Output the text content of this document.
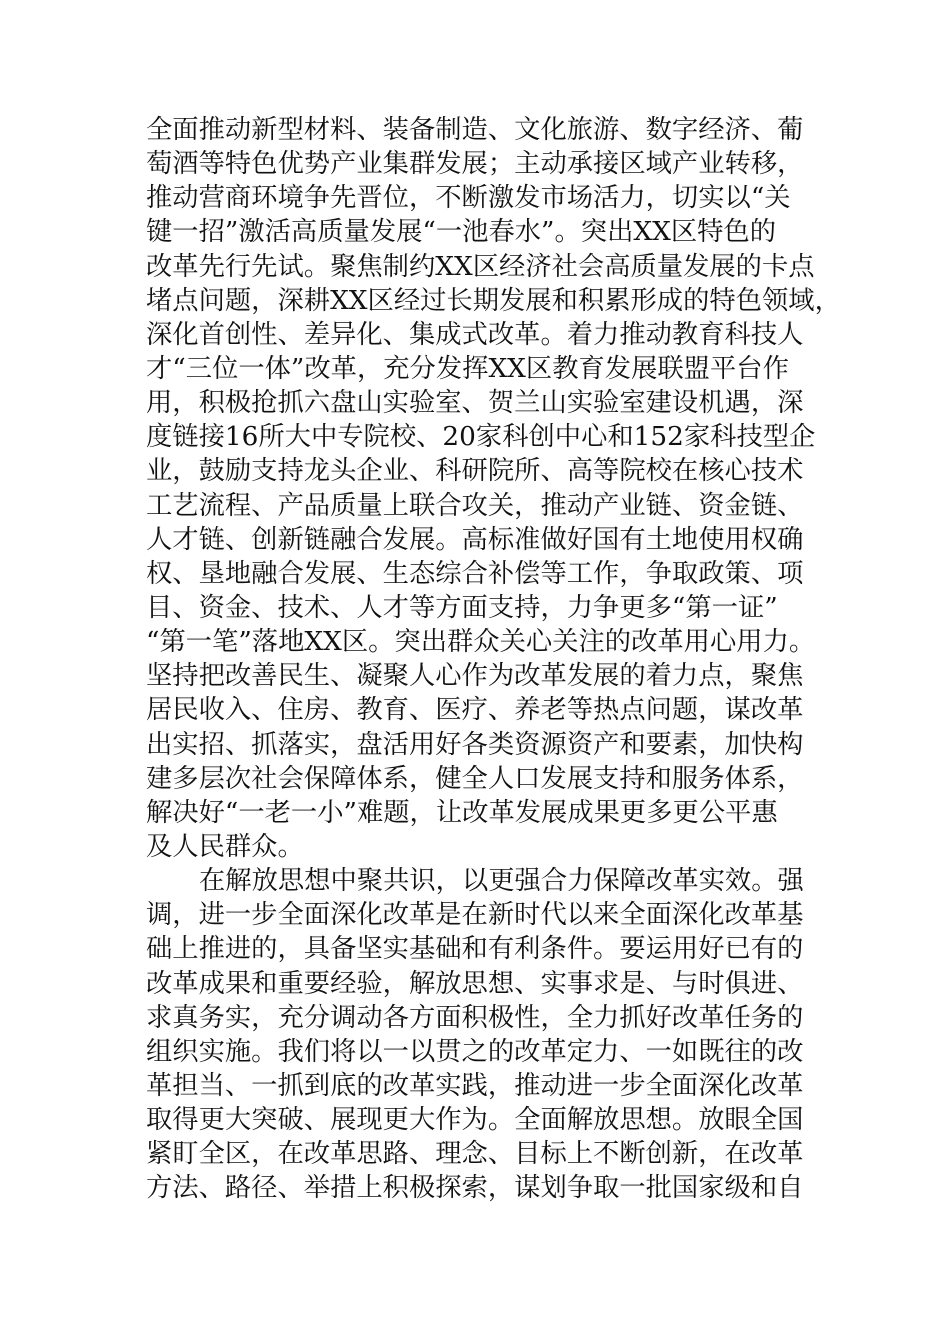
全面推动新型材料、装备制造、文化旅游、数字经济、葡
萄酒等特色优势产业集群发展；主动承接区域产业转移，
推动营商环境争先晋位，不断激发市场活力，切实以“关
键一招”激活高质量发展“一池春水”。突出XX区特色的
改革先行先试。聚焦制约XX区经济社会高质量发展的卡点
堵点问题，深耕XX区经过长期发展和积累形成的特色领域，
深化首创性、差异化、集成式改革。着力推动教育科技人
才“三位一体”改革，充分发挥XX区教育发展联盟平台作
用，积极抢抓六盘山实验室、贺兰山实验室建设机遇，深
度链接16所大中专院校、20家科创中心和152家科技型企
业，鼓励支持龙头企业、科研院所、高等院校在核心技术
工艺流程、产品质量上联合攻关，推动产业链、资金链、
人才链、创新链融合发展。高标准做好国有土地使用权确
权、垦地融合发展、生态综合补偿等工作，争取政策、项
目、资金、技术、人才等方面支持，力争更多“第一证”
“第一笔”落地XX区。突出群众关心关注的改革用心用力。
坚持把改善民生、凝聚人心作为改革发展的着力点，聚焦
居民收入、住房、教育、医疗、养老等热点问题，谋改革
出实招、抓落实，盘活用好各类资源资产和要素，加快构
建多层次社会保障体系，健全人口发展支持和服务体系，
解决好“一老一小”难题，让改革发展成果更多更公平惠
及人民群众。
在解放思想中聚共识，以更强合力保障改革实效。强
调，进一步全面深化改革是在新时代以来全面深化改革基
础上推进的，具备坚实基础和有利条件。要运用好已有的
改革成果和重要经验，解放思想、实事求是、与时俱进、
求真务实，充分调动各方面积极性，全力抓好改革任务的
组织实施。我们将以一以贯之的改革定力、一如既往的改
革担当、一抓到底的改革实践，推动进一步全面深化改革
取得更大突破、展现更大作为。全面解放思想。放眼全国
紧盯全区，在改革思路、理念、目标上不断创新，在改革
方法、路径、举措上积极探索，谋划争取一批国家级和自
